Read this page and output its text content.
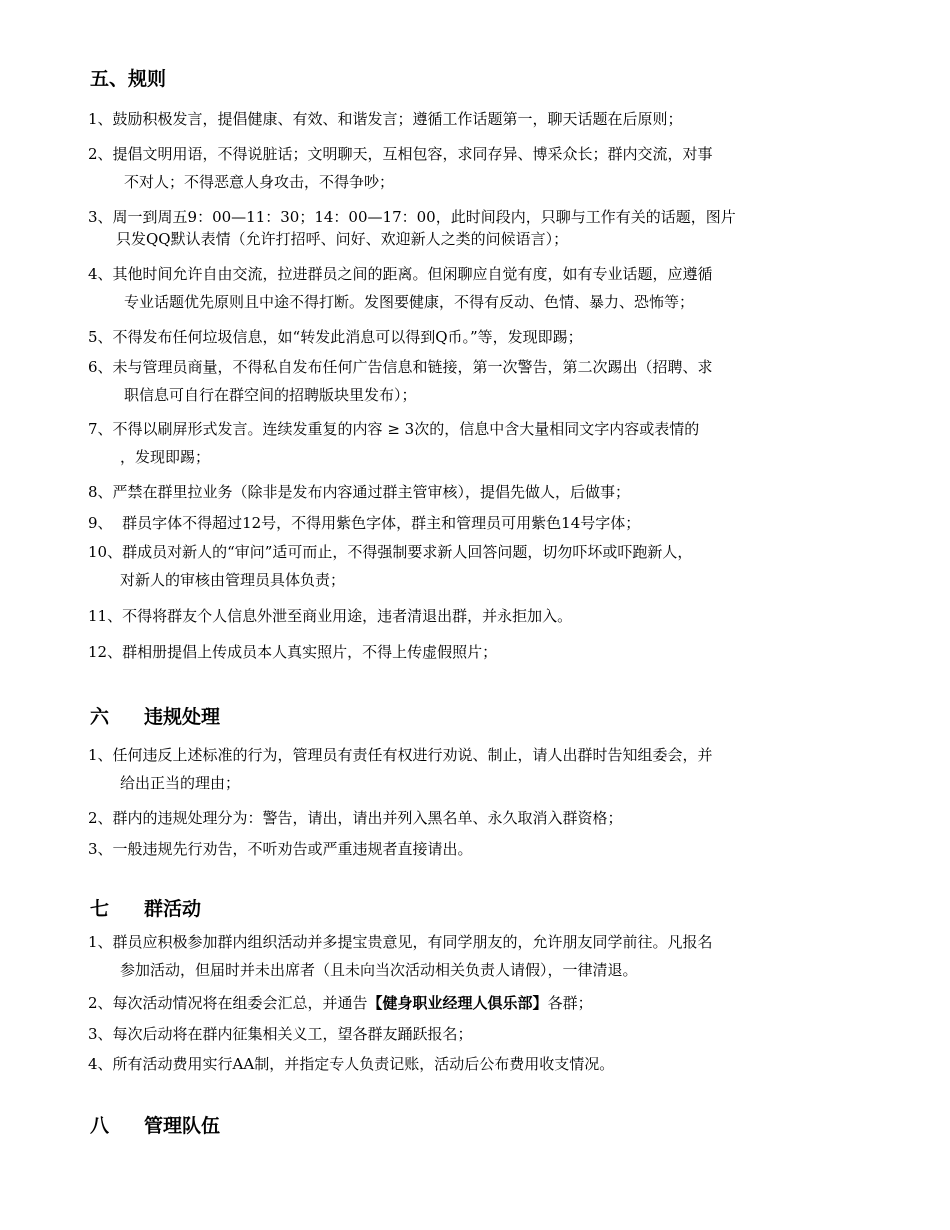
五、规则
1、鼓励积极发言，提倡健康、有效、和谐发言；遵循工作话题第一，聊天话题在后原则；
2、提倡文明用语，不得说脏话；文明聊天，互相包容，求同存异、博采众长；群内交流，对事
不对人；不得恶意人身攻击，不得争吵；
3、周一到周五9：00—11：30；14：00—17：00，此时间段内，只聊与工作有关的话题，图片
只发QQ默认表情（允许打招呼、问好、欢迎新人之类的问候语言）；
4、其他时间允许自由交流，拉进群员之间的距离。但闲聊应自觉有度，如有专业话题，应遵循
专业话题优先原则且中途不得打断。发图要健康，不得有反动、色情、暴力、恐怖等；
5、不得发布任何垃圾信息，如“转发此消息可以得到Q币。”等，发现即踢；
6、未与管理员商量，不得私自发布任何广告信息和链接，第一次警告，第二次踢出（招聘、求
职信息可自行在群空间的招聘版块里发布）；
7、不得以刷屏形式发言。连续发重复的内容 ≥ 3次的，信息中含大量相同文字内容或表情的
，发现即踢；
8、严禁在群里拉业务（除非是发布内容通过群主管审核），提倡先做人，后做事；
9、  群员字体不得超过12号，不得用紫色字体，群主和管理员可用紫色14号字体；
10、群成员对新人的“审问”适可而止，不得强制要求新人回答问题，切勿吓坏或吓跑新人，
对新人的审核由管理员具体负责；
11、不得将群友个人信息外泄至商业用途，违者清退出群，并永拒加入。
12、群相册提倡上传成员本人真实照片，不得上传虚假照片；
六 违规处理
1、任何违反上述标准的行为，管理员有责任有权进行劝说、制止，请人出群时告知组委会，并
给出正当的理由；
2、群内的违规处理分为：警告，请出，请出并列入黑名单、永久取消入群资格；
3、一般违规先行劝告，不听劝告或严重违规者直接请出。
七 群活动
1、群员应积极参加群内组织活动并多提宝贵意见，有同学朋友的，允许朋友同学前往。凡报名
参加活动，但届时并未出席者（且未向当次活动相关负责人请假），一律清退。
2、每次活动情况将在组委会汇总，并通告【健身职业经理人俱乐部】各群；
3、每次后动将在群内征集相关义工，望各群友踊跃报名；
4、所有活动费用实行AA制，并指定专人负责记账，活动后公布费用收支情况。
八 管理队伍
